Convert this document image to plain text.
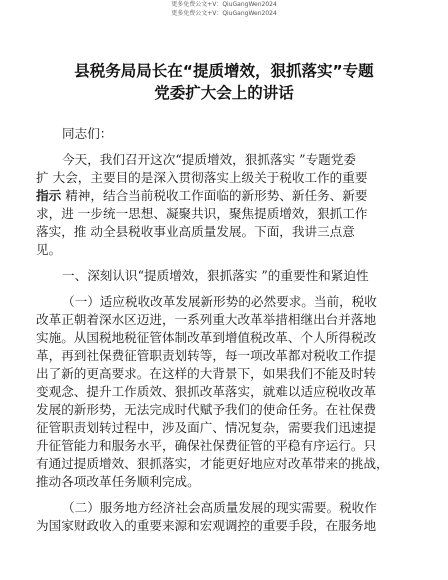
更多免费公文+V：QiuGangWen2024
更多免费公文+V：QiuGangWen2024
县税务局局长在“提质增效，狠抓落实”专题
党委扩大会上的讲话
同志们：
今天，我们召开这次“提质增效，狠抓落实 ”专题党委
扩 大会，主要目的是深入贯彻落实上级关于税收工作的重要
指示 精神，结合当前税收工作面临的新形势、新任务、新要
求，进 一步统一思想、凝聚共识，聚焦提质增效，狠抓工作
落实，推 动全县税收事业高质量发展。下面，我讲三点意
见。
一、深刻认识“提质增效，狠抓落实 ”的重要性和紧迫性
（一）适应税收改革发展新形势的必然要求。当前，税收
改革正朝着深水区迈进，一系列重大改革举措相继出台并落地
实施。从国税地税征管体制改革到增值税改革、个人所得税改
革，再到社保费征管职责划转等，每一项改革都对税收工作提
出了新的更高要求。在这样的大背景下，如果我们不能及时转
变观念、提升工作质效、狠抓改革落实，就难以适应税收改革
发展的新形势，无法完成时代赋予我们的使命任务。在社保费
征管职责划转过程中，涉及面广、情况复杂，需要我们迅速提
升征管能力和服务水平，确保社保费征管的平稳有序运行。只
有通过提质增效、狠抓落实，才能更好地应对改革带来的挑战，
推动各项改革任务顺利完成。
（二）服务地方经济社会高质量发展的现实需要。税收作
为国家财政收入的重要来源和宏观调控的重要手段，在服务地
